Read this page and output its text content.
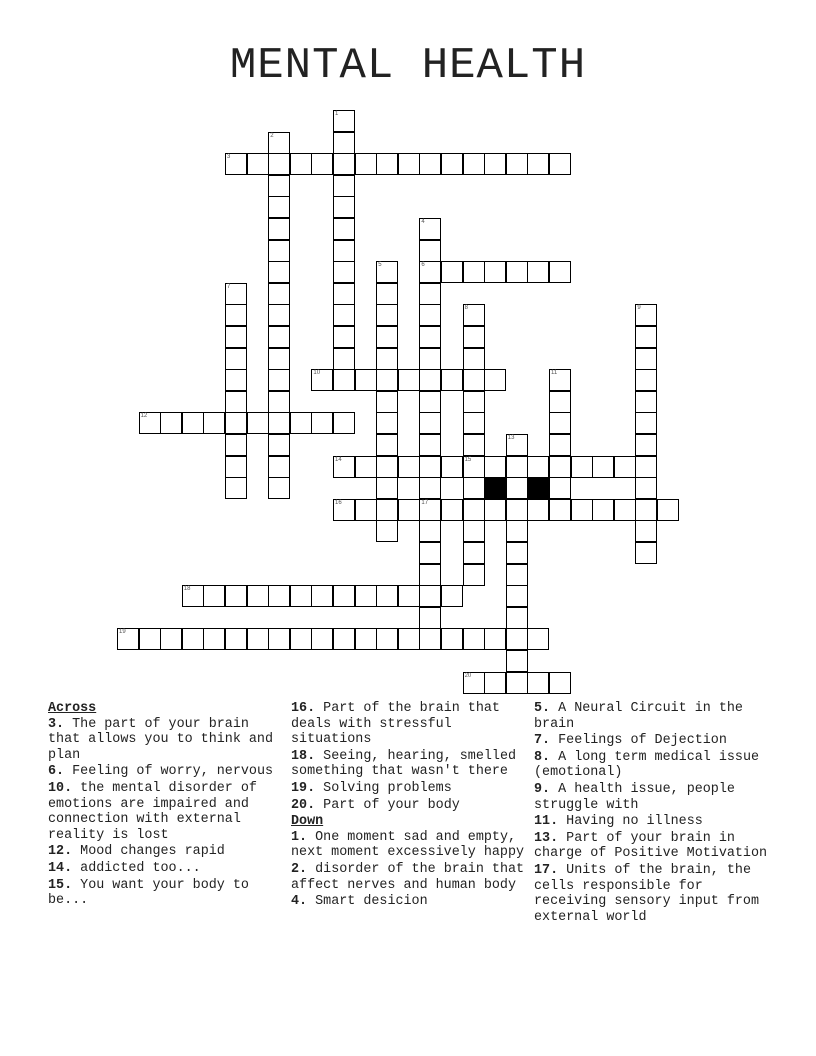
MENTAL HEALTH
1
2
3
4
6
5
7
8
15
9
10	11
12
13
14
16	17
18
19
20
Across
3. The part of your brain that allows you to think and plan
6. Feeling of worry, nervous
10. the mental disorder of emotions are impaired and connection with external reality is lost
12. Mood changes rapid
14. addicted too...
15. You want your body to be...
16. Part of the brain that deals with stressful situations
18. Seeing, hearing, smelled something that wasn't there
19. Solving problems
20. Part of your body
Down
1. One moment sad and empty, next moment excessively happy
2. disorder of the brain that affect nerves and human body
4. Smart desicion
5. A Neural Circuit in the brain
7. Feelings of Dejection
8. A long term medical issue (emotional)
9. A health issue, people struggle with
11. Having no illness
13. Part of your brain in charge of Positive Motivation
17. Units of the brain, the cells responsible for receiving sensory input from external world
